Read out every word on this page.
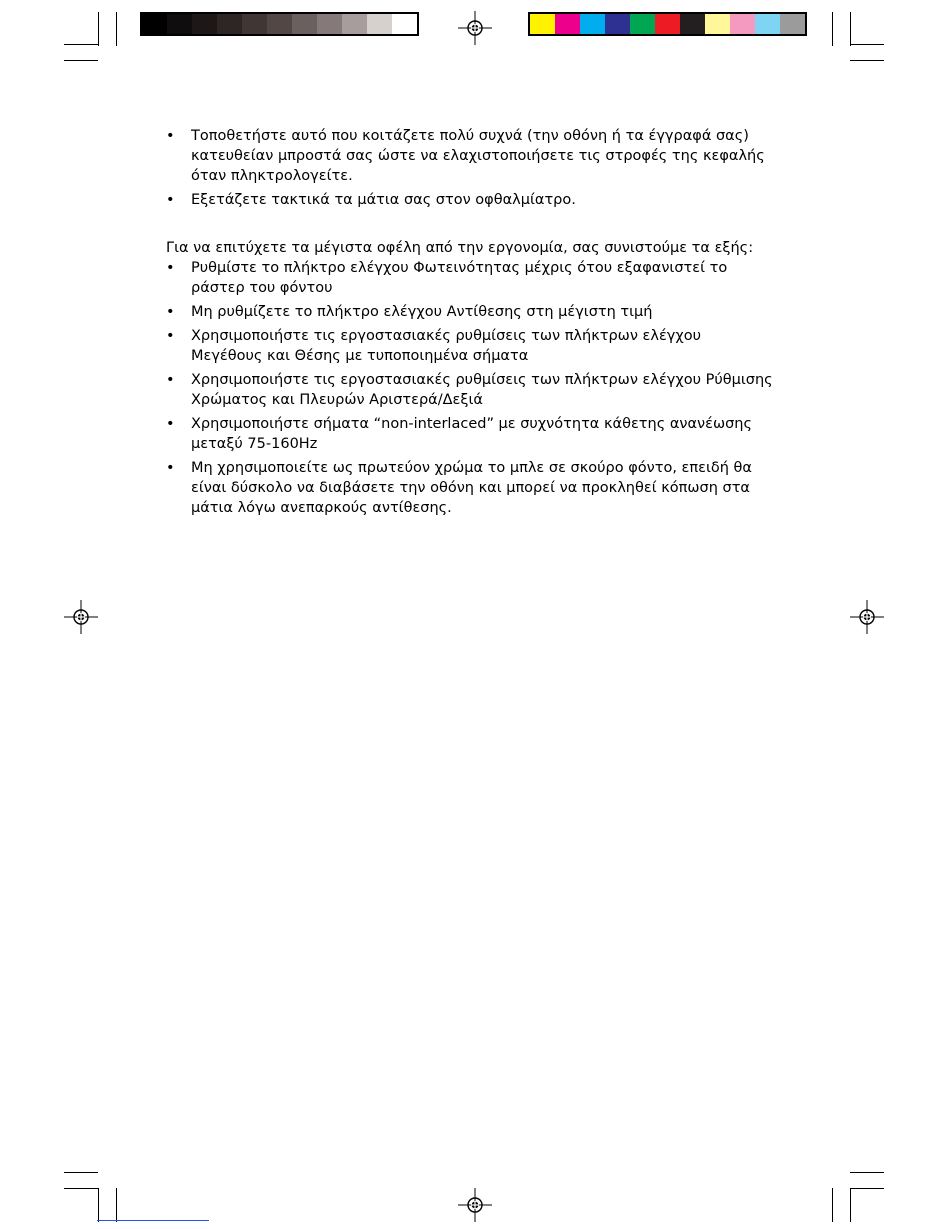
• Τοποθετήστε αυτό που κοιτάζετε πολύ συχνά (την οθόνη ή τα έγγραφά σας) κατευθείαν μπροστά σας ώστε να ελαχιστοποιήσετε τις στροφές της κεφαλής όταν πληκτρολογείτε.
• Εξετάζετε τακτικά τα μάτια σας στον οφθαλμίατρο.

Για να επιτύχετε τα μέγιστα οφέλη από την εργονομία, σας συνιστούμε τα εξής:

• Ρυθμίστε το πλήκτρο ελέγχου Φωτεινότητας μέχρις ότου εξαφανιστεί το ράστερ του φόντου
• Μη ρυθμίζετε το πλήκτρο ελέγχου Αντίθεσης στη μέγιστη τιμή
• Χρησιμοποιήστε τις εργοστασιακές ρυθμίσεις των πλήκτρων ελέγχου Μεγέθους και Θέσης με τυποποιημένα σήματα
• Χρησιμοποιήστε τις εργοστασιακές ρυθμίσεις των πλήκτρων ελέγχου Ρύθμισης Χρώματος και Πλευρών Αριστερά/Δεξιά
• Χρησιμοποιήστε σήματα “non-interlaced” με συχνότητα κάθετης ανανέωσης μεταξύ 75-160Hz
• Μη χρησιμοποιείτε ως πρωτεύον χρώμα το μπλε σε σκούρο φόντο, επειδή θα είναι δύσκολο να διαβάσετε την οθόνη και μπορεί να προκληθεί κόπωση στα μάτια λόγω ανεπαρκούς αντίθεσης.
